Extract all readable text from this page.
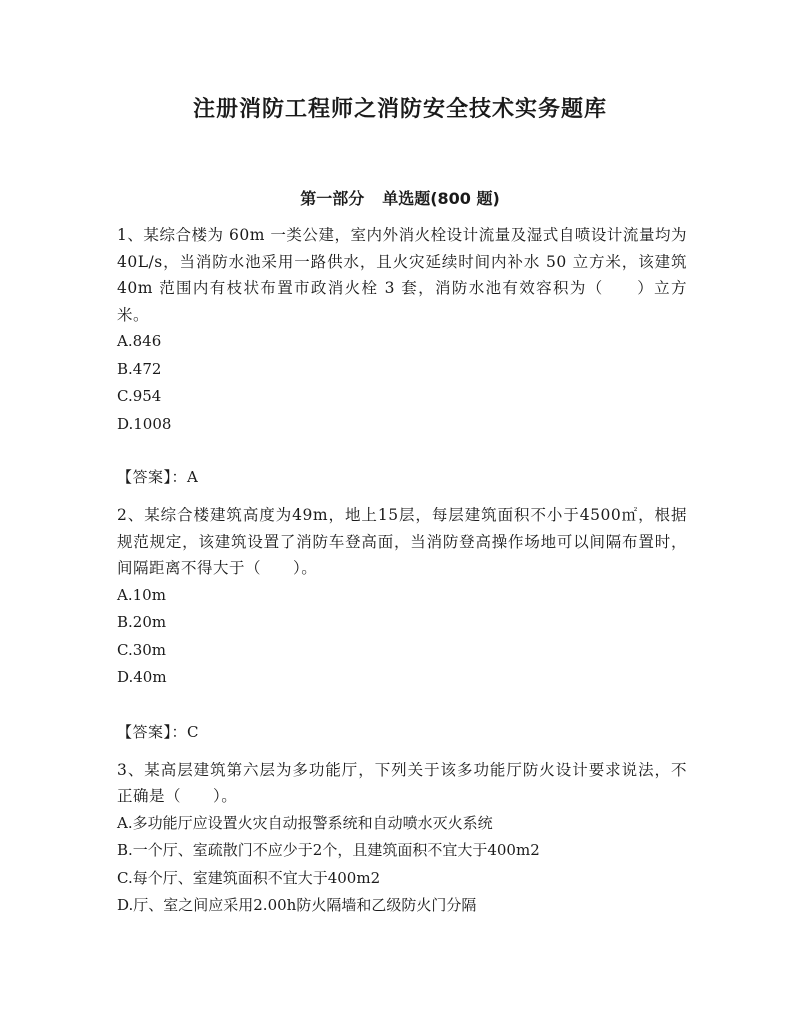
注册消防工程师之消防安全技术实务题库
第一部分 单选题(800 题)

1、某综合楼为 60m 一类公建，室内外消火栓设计流量及湿式自喷设计流量均为 40L/s，当消防水池采用一路供水，且火灾延续时间内补水 50 立方米，该建筑 40m 范围内有枝状布置市政消火栓 3 套，消防水池有效容积为（　　）立方米。

A.846

B.472

C.954

D.1008

【答案】：A

2、某综合楼建筑高度为49m，地上15层，每层建筑面积不小于4500㎡，根据规范规定，该建筑设置了消防车登高面，当消防登高操作场地可以间隔布置时，间隔距离不得大于（　　）。

A.10m

B.20m

C.30m

D.40m

【答案】：C

3、某高层建筑第六层为多功能厅，下列关于该多功能厅防火设计要求说法，不正确是（　　）。

A.多功能厅应设置火灾自动报警系统和自动喷水灭火系统

B.一个厅、室疏散门不应少于2个，且建筑面积不宜大于400m2

C.每个厅、室建筑面积不宜大于400m2

D.厅、室之间应采用2.00h防火隔墙和乙级防火门分隔
